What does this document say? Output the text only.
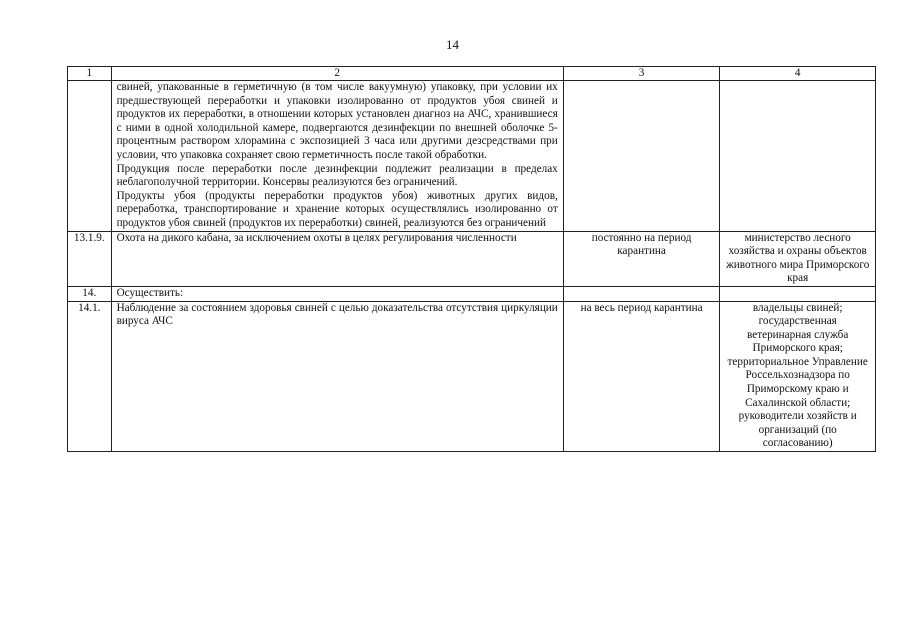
14
1	2	3	4

	свиней, упакованные в герметичную (в том числе вакуумную) упаковку, при условии их предшествующей переработки и упаковки изолированно от продуктов убоя свиней и продуктов их переработки, в отношении которых установлен диагноз на АЧС, хранившиеся с ними в одной холодильной камере, подвергаются дезинфекции по внешней оболочке 5-процентным раствором хлорамина с экспозицией 3 часа или другими дезсредствами при условии, что упаковка сохраняет свою герметичность после такой обработки.
Продукция после переработки после дезинфекции подлежит реализации в пределах неблагополучной территории. Консервы реализуются без ограничений.
Продукты убоя (продукты переработки продуктов убоя) животных других видов, переработка, транспортирование и хранение которых осуществлялись изолированно от продуктов убоя свиней (продуктов их переработки) свиней, реализуются без ограничений		

13.1.9.	Охота на дикого кабана, за исключением охоты в целях регулирования численности	постоянно на период карантина	министерство лесного хозяйства и охраны объектов животного мира Приморского края
14.	Осуществить:		
14.1.	Наблюдение за состоянием здоровья свиней с целью доказательства отсутствия циркуляции вируса АЧС	на весь период карантина	владельцы свиней; государственная ветеринарная служба Приморского края; территориальное Управление Россельхознадзора по Приморскому краю и Сахалинской области; руководители хозяйств и организаций (по согласованию)
